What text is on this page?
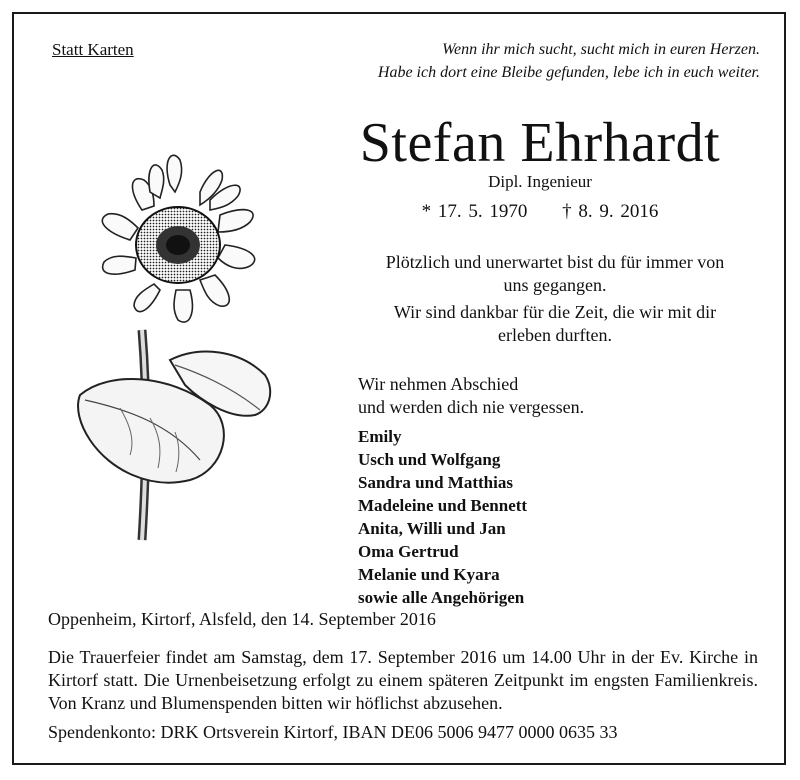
Statt Karten	Wenn ihr mich sucht, sucht mich in euren Herzen.
Habe ich dort eine Bleibe gefunden, lebe ich in euch weiter.
Stefan Ehrhardt
Dipl. Ingenieur
* 17. 5. 1970 † 8. 9. 2016
Plötzlich und unerwartet bist du für immer von
uns gegangen.
Wir sind dankbar für die Zeit, die wir mit dir
erleben durften.
Wir nehmen Abschied
und werden dich nie vergessen.
Emily
Usch und Wolfgang
Sandra und Matthias
Madeleine und Bennett
Anita, Willi und Jan
Oma Gertrud
Melanie und Kyara
sowie alle Angehörigen
Oppenheim, Kirtorf, Alsfeld, den 14. September 2016
Die Trauerfeier findet am Samstag, dem 17. September 2016 um 14.00 Uhr in der Ev. Kirche in Kirtorf statt. Die Urnenbeisetzung erfolgt zu einem späteren Zeitpunkt im engsten Familienkreis. Von Kranz und Blumenspenden bitten wir höflichst abzusehen.
Spendenkonto: DRK Ortsverein Kirtorf, IBAN DE06 5006 9477 0000 0635 33
